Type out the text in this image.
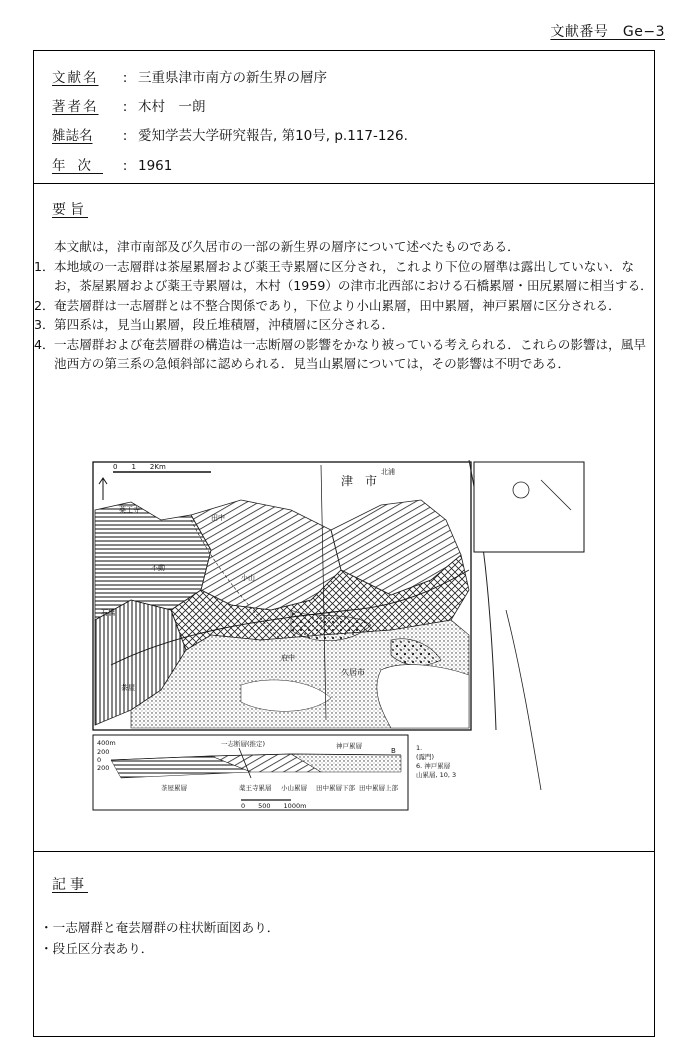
文献番号　Ge−3
文献名 : 三重県津市南方の新生界の層序
著者名 : 木村　一朗
雑誌名 : 愛知学芸大学研究報告, 第10号, p.117-126.
年次 : 1961
要旨
本文献は，津市南部及び久居市の一部の新生界の層序について述べたものである．
1． 本地域の一志層群は茶屋累層および薬王寺累層に区分され，これより下位の層準は露出していない．なお，茶屋累層および薬王寺累層は，木村（1959）の津市北西部における石橋累層・田尻累層に相当する．
2． 奄芸層群は一志層群とは不整合関係であり，下位より小山累層，田中累層，神戸累層に区分される．
3． 第四系は，見当山累層，段丘堆積層，沖積層に区分される．
4． 一志層群および奄芸層群の構造は一志断層の影響をかなり被っている考えられる．これらの影響は，風早池西方の第三系の急傾斜部に認められる．見当山累層については，その影響は不明である．
0　　1　　2Km
津　市
久居市
北浦
田中
薬王寺
石橋
不動
茶屋
府中
小山
400m
200
0
200
一志断層(推定)	神戸累層
B
茶屋累層	薬王寺累層 小山累層 田中累層下部 田中累層上部
0　　500　　1000m
1.
(露門)
6. 神戸累層
山累層, 10, 3
記事
・一志層群と奄芸層群の柱状断面図あり．
・段丘区分表あり．
